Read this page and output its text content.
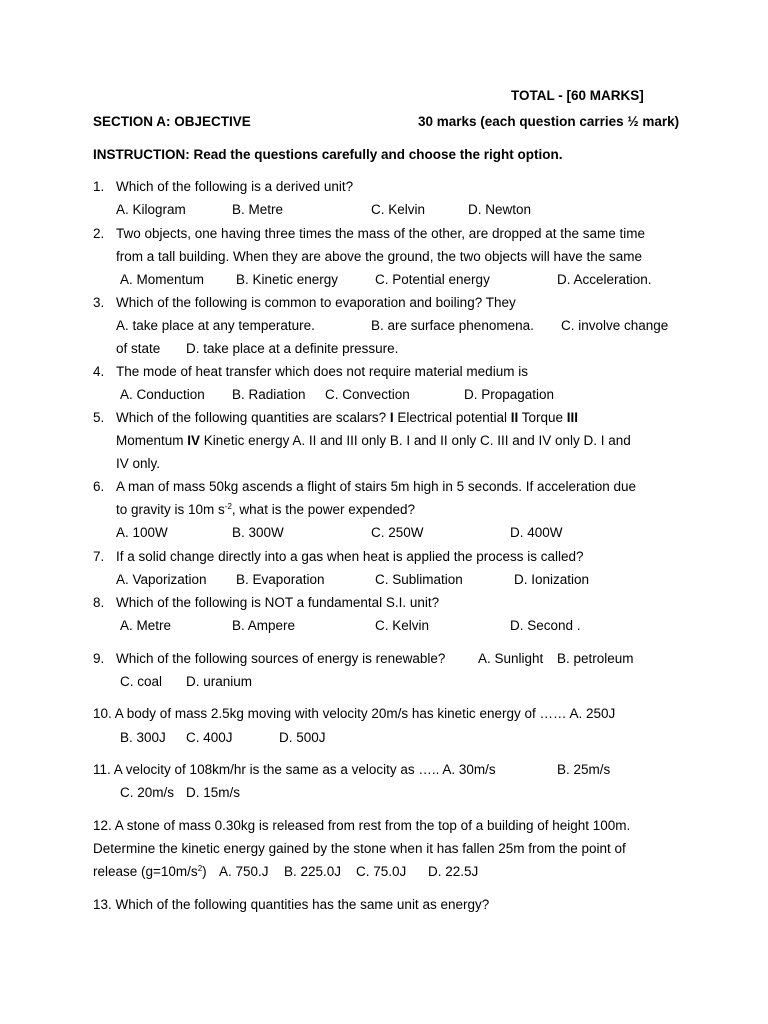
TOTAL - [60 MARKS]
SECTION A: OBJECTIVE	30 marks (each question carries ½ mark)
INSTRUCTION: Read the questions carefully and choose the right option.
1. Which of the following is a derived unit?
A. Kilogram	B. Metre	C. Kelvin	D. Newton
2. Two objects, one having three times the mass of the other, are dropped at the same time
from a tall building. When they are above the ground, the two objects will have the same
A. Momentum B. Kinetic energy	C. Potential energy	D. Acceleration.
3. Which of the following is common to evaporation and boiling? They
A. take place at any temperature.	B. are surface phenomena. C. involve change
of state D. take place at a definite pressure.
4. The mode of heat transfer which does not require material medium is
A. Conduction B. Radiation C. Convection	D. Propagation
5. Which of the following quantities are scalars? I Electrical potential II Torque III
Momentum IV Kinetic energy A. II and III only B. I and II only C. III and IV only D. I and
IV only.
6. A man of mass 50kg ascends a flight of stairs 5m high in 5 seconds. If acceleration due
to gravity is 10m $s^{-2}$, what is the power expended?
A. 100W	B. 300W	C. 250W	D. 400W
7. If a solid change directly into a gas when heat is applied the process is called?
A. Vaporization B. Evaporation	C. Sublimation	D. Ionization
8. Which of the following is NOT a fundamental S.I. unit?
A. Metre	B. Ampere	C. Kelvin	D. Second .
9. Which of the following sources of energy is renewable? A. Sunlight B. petroleum
C. coal D. uranium
10. A body of mass 2.5kg moving with velocity 20m/s has kinetic energy of …… A. 250J
B. 300J C. 400J	D. 500J
11. A velocity of 108km/hr is the same as a velocity as ….. A. 30m/s	B. 25m/s
C. 20m/s D. 15m/s
12. A stone of mass 0.30kg is released from rest from the top of a building of height 100m.
Determine the kinetic energy gained by the stone when it has fallen 25m from the point of
release $(g=10m/s^2)$ A. 750.J B. 225.0J C. 75.0J D. 22.5J
13. Which of the following quantities has the same unit as energy?
